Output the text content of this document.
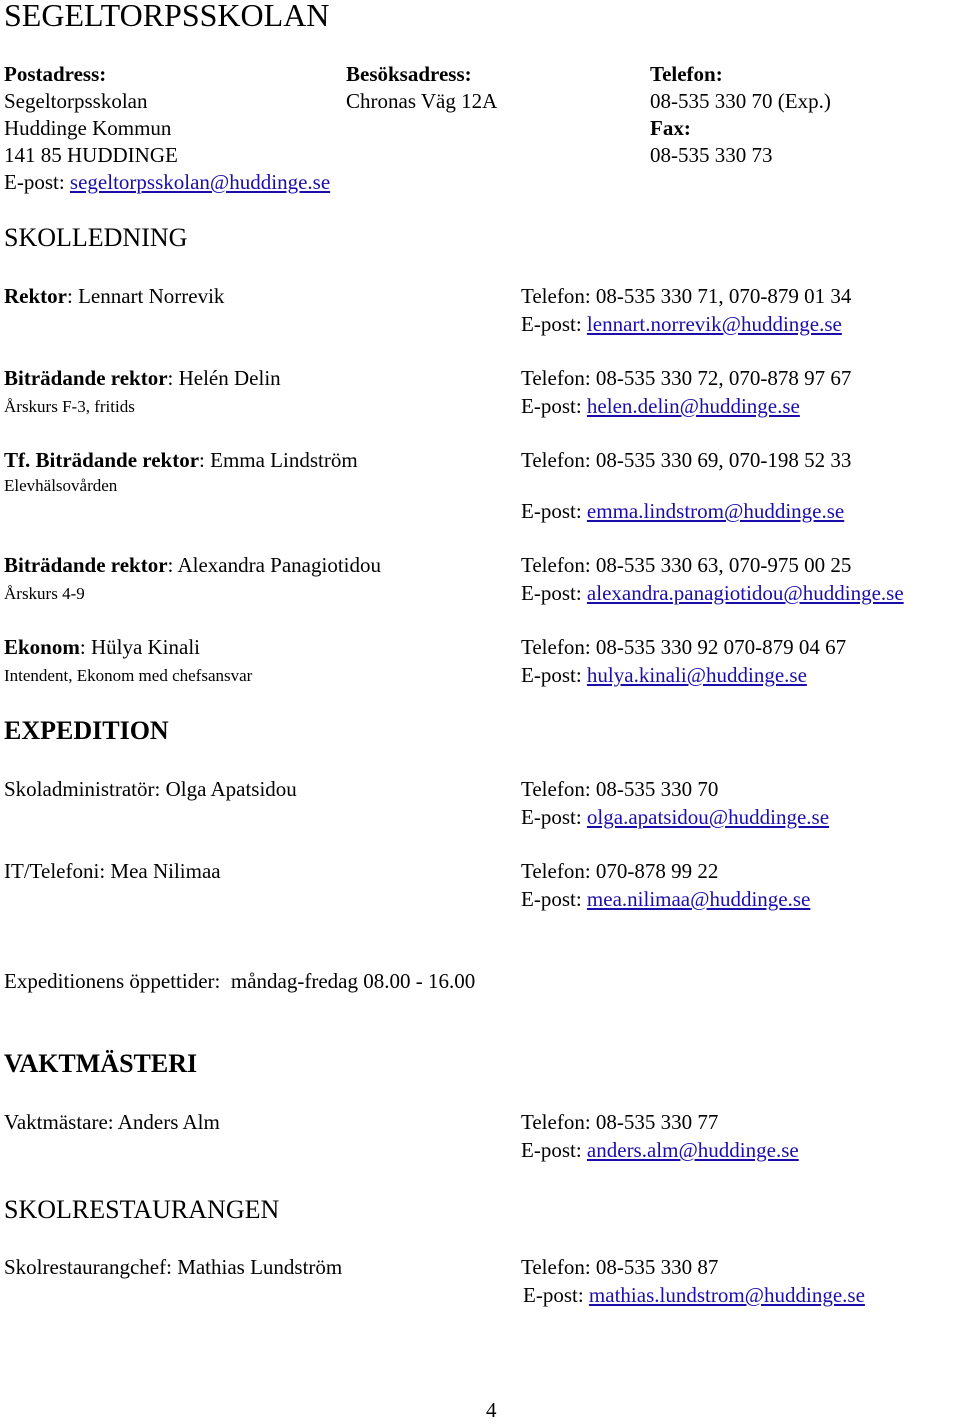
SEGELTORPSSKOLAN
Postadress:
Segeltorpsskolan
Huddinge Kommun
141 85 HUDDINGE
E-post: segeltorpsskolan@huddinge.se
Besöksadress:
Chronas Väg 12A
Telefon:
08-535 330 70 (Exp.)
Fax:
08-535 330 73
SKOLLEDNING
Rektor: Lennart Norrevik	Telefon: 08-535 330 71, 070-879 01 34
E-post: lennart.norrevik@huddinge.se
Biträdande rektor: Helén Delin
Årskurs F-3, fritids
Telefon: 08-535 330 72, 070-878 97 67
E-post: helen.delin@huddinge.se
Tf. Biträdande rektor: Emma Lindström
Elevhälsovården
Telefon: 08-535 330 69, 070-198 52 33
E-post: emma.lindstrom@huddinge.se
Biträdande rektor: Alexandra Panagiotidou
Årskurs 4-9
Telefon: 08-535 330 63, 070-975 00 25
E-post: alexandra.panagiotidou@huddinge.se
Ekonom: Hülya Kinali
Intendent, Ekonom med chefsansvar
Telefon: 08-535 330 92 070-879 04 67
E-post: hulya.kinali@huddinge.se
EXPEDITION
Skoladministratör: Olga Apatsidou	Telefon: 08-535 330 70
E-post: olga.apatsidou@huddinge.se
IT/Telefoni: Mea Nilimaa	Telefon: 070-878 99 22
E-post: mea.nilimaa@huddinge.se
Expeditionens öppettider:  måndag-fredag 08.00 - 16.00
VAKTMÄSTERI
Vaktmästare: Anders Alm	Telefon: 08-535 330 77
E-post: anders.alm@huddinge.se
SKOLRESTAURANGEN
Skolrestaurangchef: Mathias Lundström	Telefon: 08-535 330 87
E-post: mathias.lundstrom@huddinge.se
4
